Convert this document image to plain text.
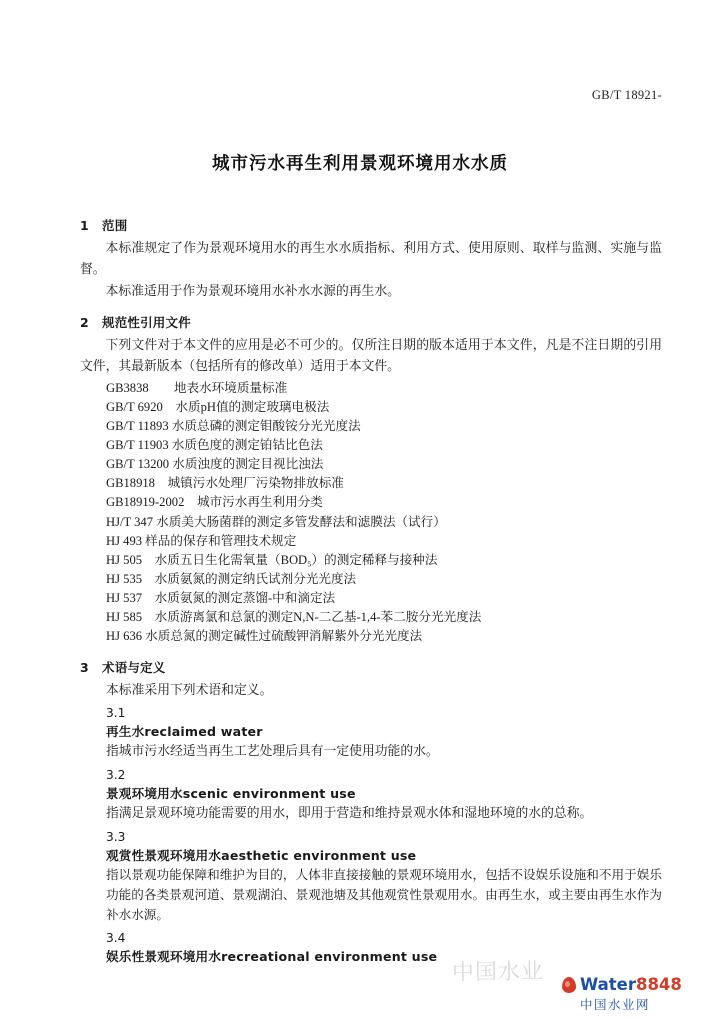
GB/T 18921-
城市污水再生利用景观环境用水水质
1 范围

本标准规定了作为景观环境用水的再生水水质指标、利用方式、使用原则、取样与监测、实施与监督。

本标准适用于作为景观环境用水补水水源的再生水。

2 规范性引用文件

下列文件对于本文件的应用是必不可少的。仅所注日期的版本适用于本文件，凡是不注日期的引用文件，其最新版本（包括所有的修改单）适用于本文件。

GB3838　　地表水环境质量标准
GB/T 6920　水质pH值的测定玻璃电极法
GB/T 11893 水质总磷的测定钼酸铵分光光度法
GB/T 11903 水质色度的测定铂钴比色法
GB/T 13200 水质浊度的测定目视比浊法
GB18918　城镇污水处理厂污染物排放标准
GB18919-2002　城市污水再生利用分类
HJ/T 347 水质美大肠菌群的测定多管发酵法和滤膜法（试行）
HJ 493 样品的保存和管理技术规定
HJ 505　水质五日生化需氧量（BOD₅）的测定稀释与接种法
HJ 535　水质氨氮的测定纳氏试剂分光光度法
HJ 537　水质氨氮的测定蒸馏-中和滴定法
HJ 585　水质游离氯和总氯的测定N,N-二乙基-1,4-苯二胺分光光度法
HJ 636 水质总氮的测定碱性过硫酸钾消解紫外分光光度法
3 术语与定义

本标准采用下列术语和定义。

3.1
再生水reclaimed water
指城市污水经适当再生工艺处理后具有一定使用功能的水。
3.2
景观环境用水scenic environment use
指满足景观环境功能需要的用水，即用于营造和维持景观水体和湿地环境的水的总称。
3.3
观赏性景观环境用水aesthetic environment use
指以景观功能保障和维护为目的，人体非直接接触的景观环境用水，包括不设娱乐设施和不用于娱乐功能的各类景观河道、景观湖泊、景观池塘及其他观赏性景观用水。由再生水，或主要由再生水作为补水水源。
3.4
娱乐性景观环境用水recreational environment use
中国水业 Water8848
中国水业网
